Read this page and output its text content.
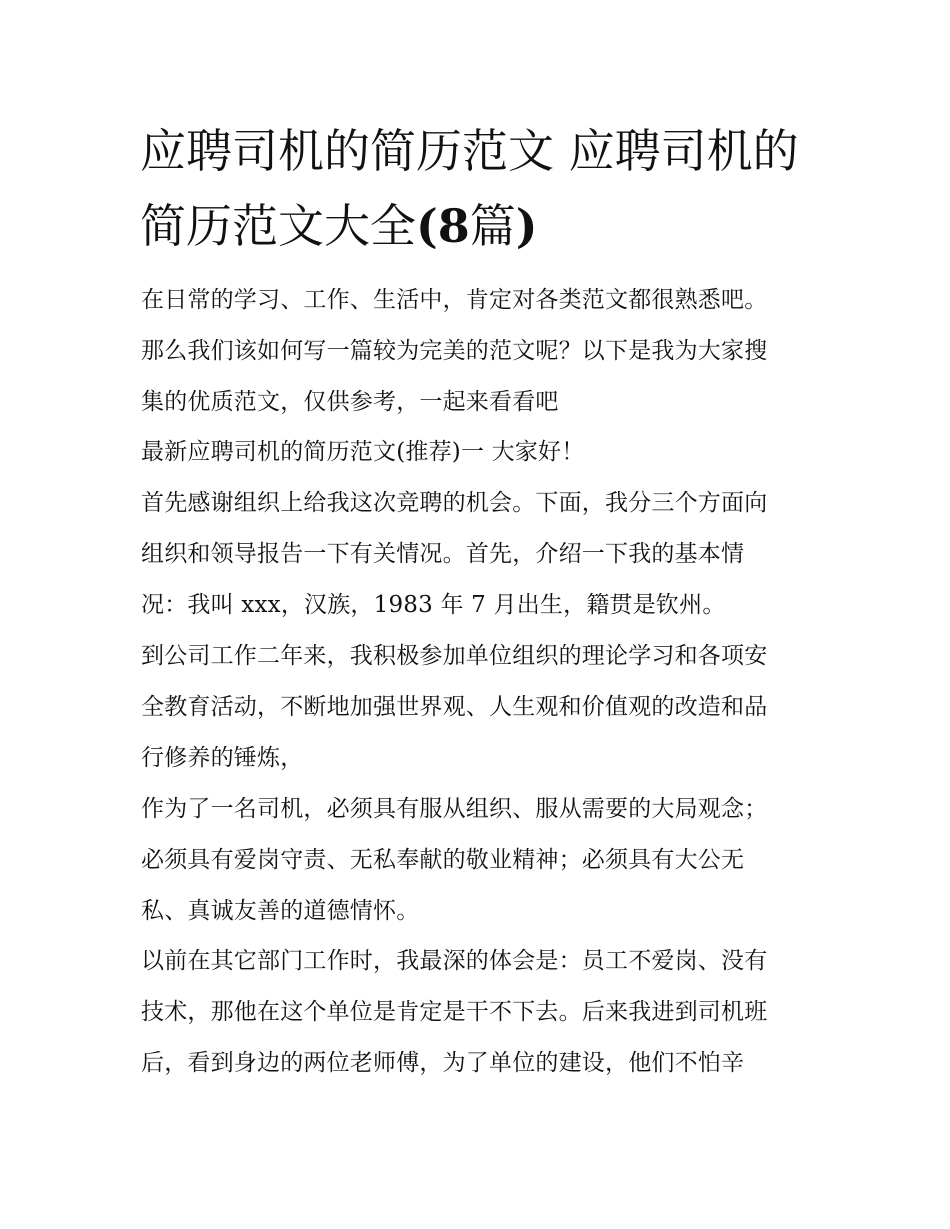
应聘司机的简历范文 应聘司机的简历范文大全(8篇)

在日常的学习、工作、生活中，肯定对各类范文都很熟悉吧。

那么我们该如何写一篇较为完美的范文呢？以下是我为大家搜

集的优质范文，仅供参考，一起来看看吧

最新应聘司机的简历范文(推荐)一 大家好！

首先感谢组织上给我这次竞聘的机会。下面，我分三个方面向

组织和领导报告一下有关情况。首先，介绍一下我的基本情

况：我叫 xxx，汉族，1983 年 7 月出生，籍贯是钦州。

到公司工作二年来，我积极参加单位组织的理论学习和各项安

全教育活动，不断地加强世界观、人生观和价值观的改造和品

行修养的锤炼，

作为了一名司机，必须具有服从组织、服从需要的大局观念；

必须具有爱岗守责、无私奉献的敬业精神；必须具有大公无

私、真诚友善的道德情怀。

以前在其它部门工作时，我最深的体会是：员工不爱岗、没有

技术，那他在这个单位是肯定是干不下去。后来我进到司机班

后，看到身边的两位老师傅，为了单位的建设，他们不怕辛
